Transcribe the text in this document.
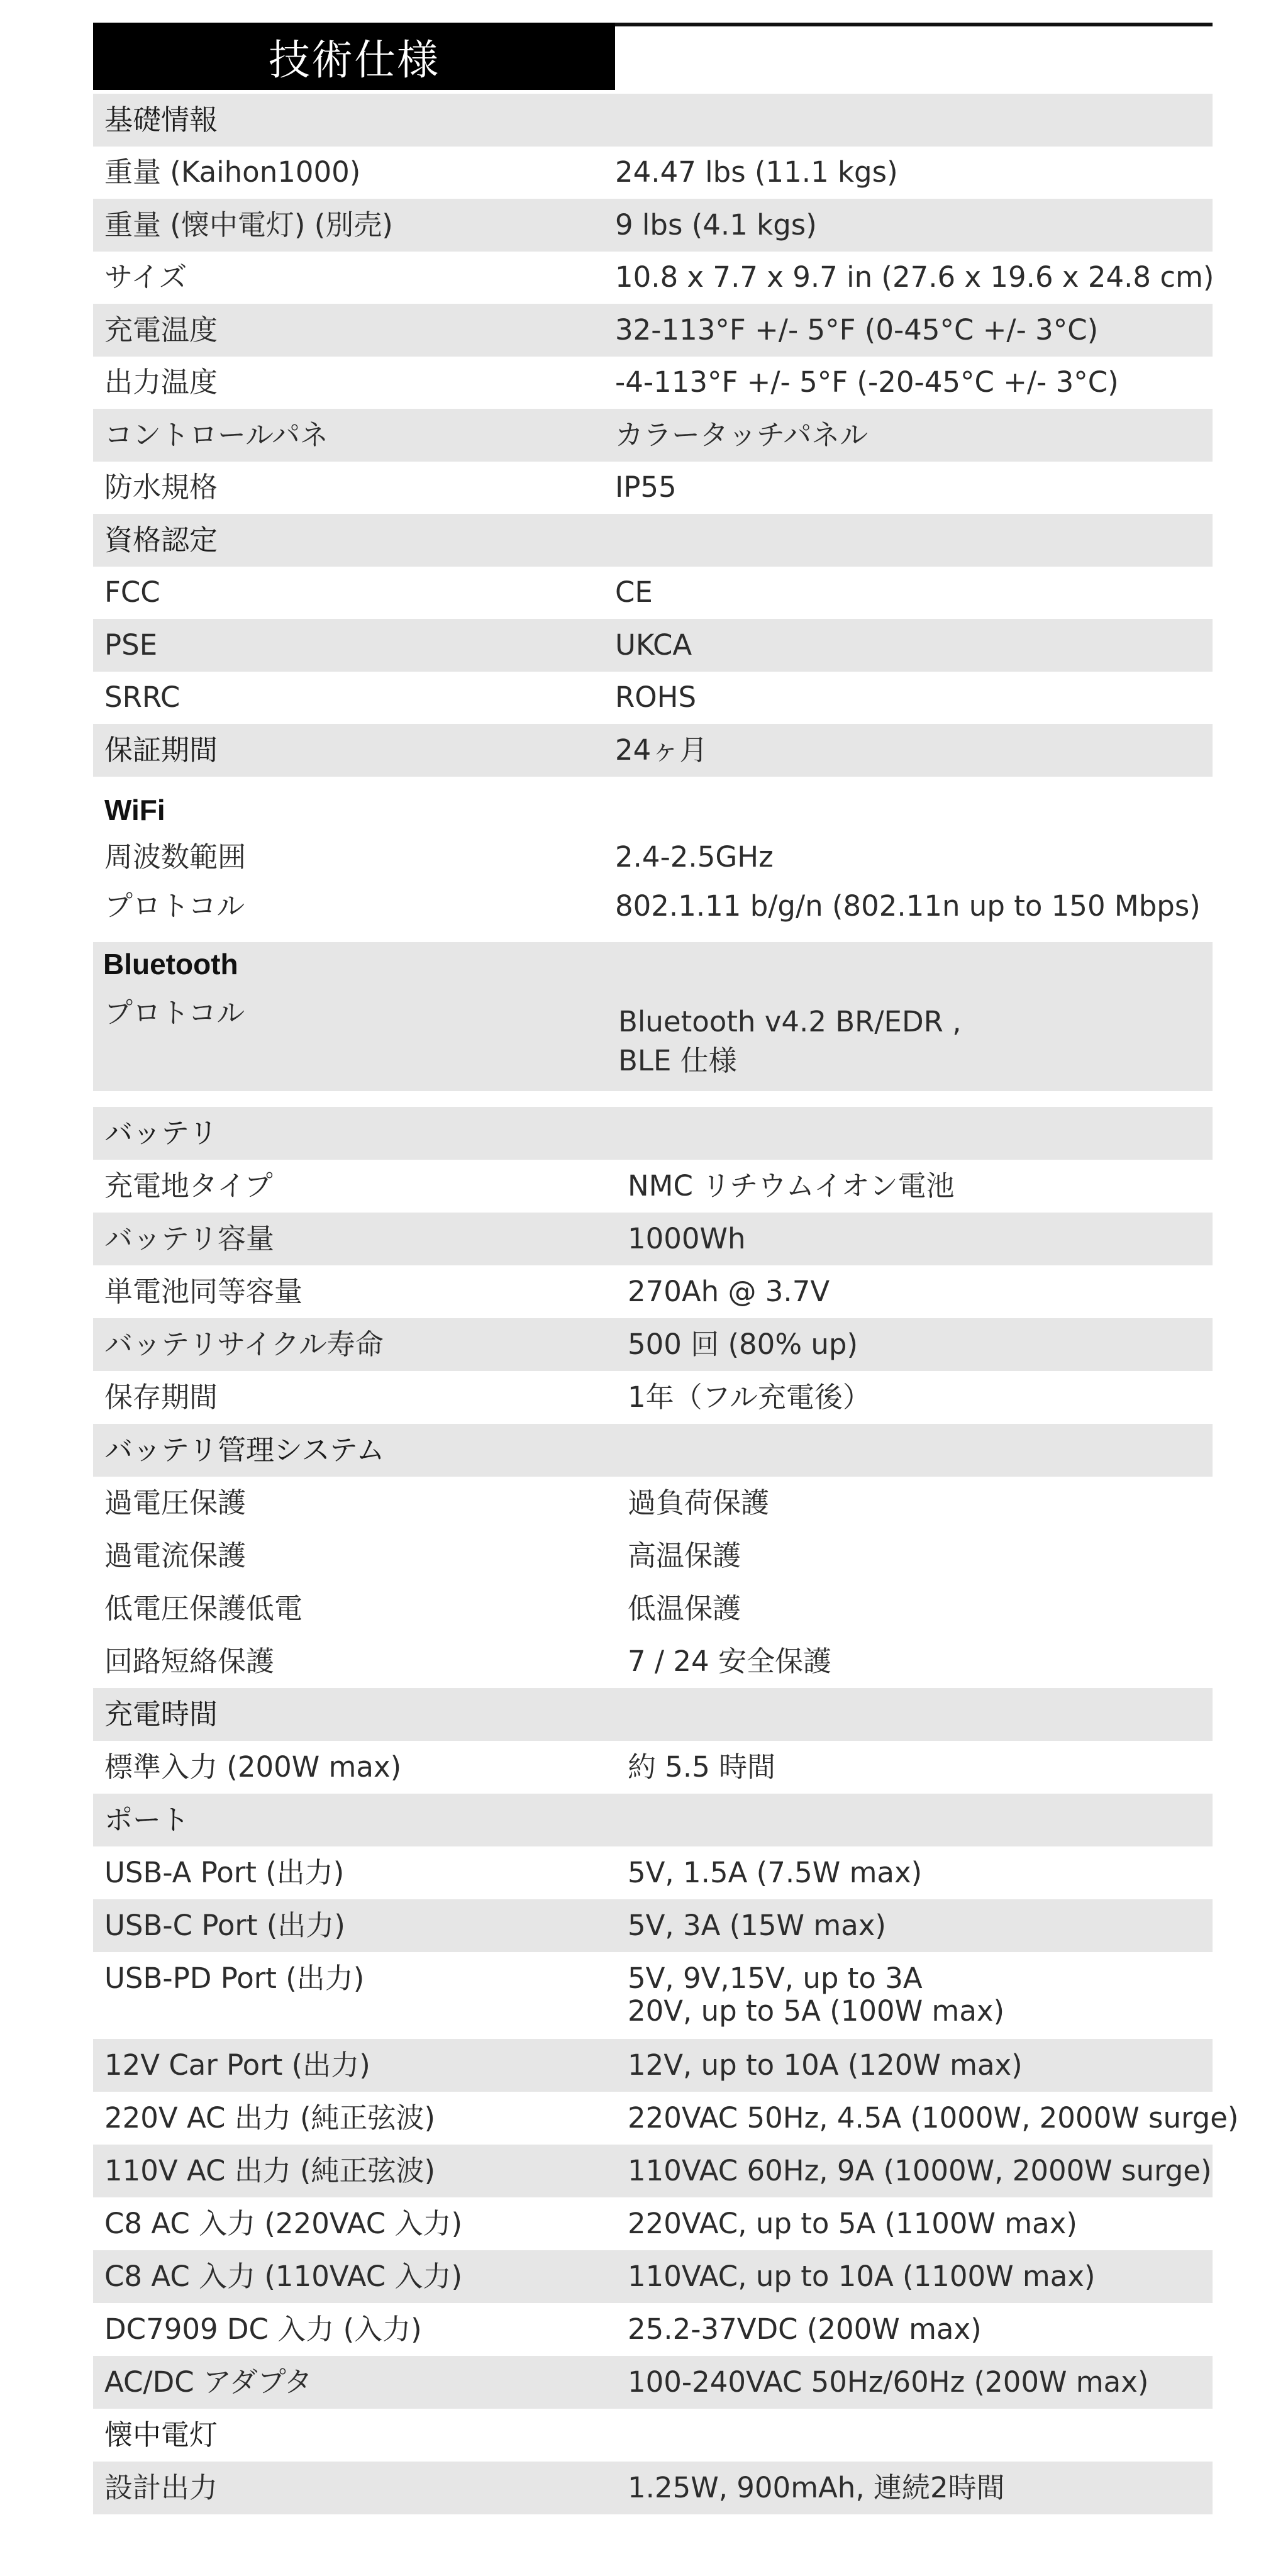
技術仕様
基礎情報
重量 (Kaihon1000)	24.47 lbs (11.1 kgs)
重量 (懐中電灯) (別売)	9 lbs (4.1 kgs)
サイズ	10.8 x 7.7 x 9.7 in (27.6 x 19.6 x 24.8 cm)
充電温度	32-113°F +/- 5°F (0-45°C +/- 3°C)
出力温度	-4-113°F +/- 5°F (-20-45°C +/- 3°C)
コントロールパネ	カラータッチパネル
防水規格	IP55
資格認定
FCC	CE
PSE	UKCA
SRRC	ROHS
保証期間	24ヶ月
WiFi
周波数範囲	2.4-2.5GHz
プロトコル	802.1.11 b/g/n (802.11n up to 150 Mbps)
Bluetooth
プロトコル	Bluetooth v4.2 BR/EDR ,
BLE 仕様
バッテリ
充電地タイプ	NMC リチウムイオン電池
バッテリ容量	1000Wh
単電池同等容量	270Ah @ 3.7V
バッテリサイクル寿命	500 回 (80% up)
保存期間	1年（フル充電後）
バッテリ管理システム
過電圧保護	過負荷保護
過電流保護	高温保護
低電圧保護低電	低温保護
回路短絡保護	7 / 24 安全保護
充電時間
標準入力 (200W max)	約 5.5 時間
ポート
USB-A Port (出力)	5V, 1.5A (7.5W max)
USB-C Port (出力)	5V, 3A (15W max)
USB-PD Port (出力)	5V, 9V,15V, up to 3A
20V, up to 5A (100W max)
12V Car Port (出力)	12V, up to 10A (120W max)
220V AC 出力 (純正弦波)	220VAC 50Hz, 4.5A (1000W, 2000W surge)
110V AC 出力 (純正弦波)	110VAC 60Hz, 9A (1000W, 2000W surge)
C8 AC 入力 (220VAC 入力)	220VAC, up to 5A (1100W max)
C8 AC 入力 (110VAC 入力)	110VAC, up to 10A (1100W max)
DC7909 DC 入力 (入力)	25.2-37VDC (200W max)
AC/DC アダプタ	100-240VAC 50Hz/60Hz (200W max)
懐中電灯
設計出力	1.25W, 900mAh, 連続2時間
